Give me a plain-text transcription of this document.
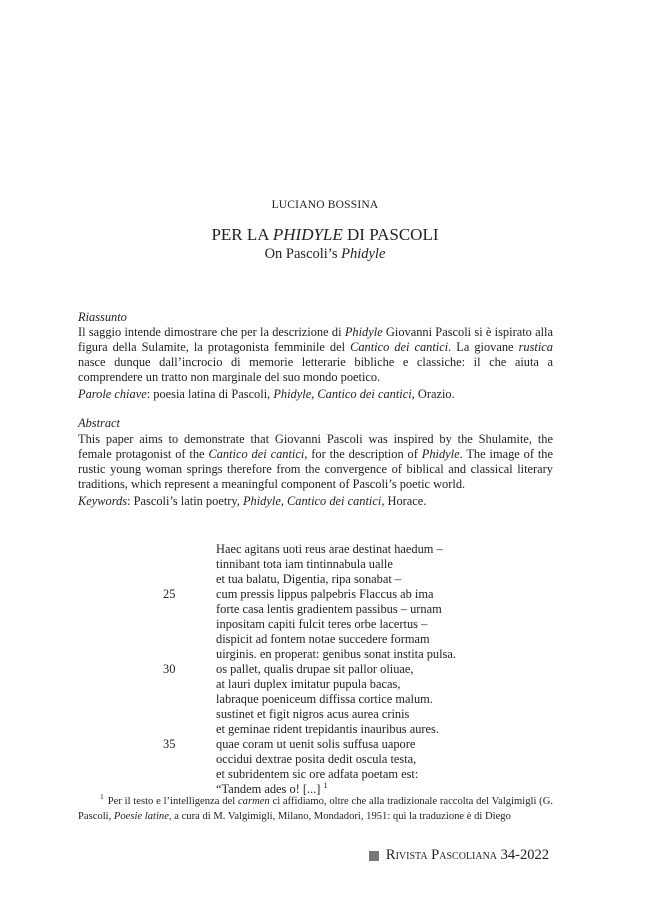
LUCIANO BOSSINA
PER LA PHIDYLE DI PASCOLI
On Pascoli’s Phidyle
Riassunto
Il saggio intende dimostrare che per la descrizione di Phidyle Giovanni Pascoli si è ispirato alla figura della Sulamite, la protagonista femminile del Cantico dei cantici. La giovane rustica nasce dunque dall’incrocio di memorie letterarie bibliche e classiche: il che aiuta a comprendere un tratto non marginale del suo mondo poetico.
Parole chiave: poesia latina di Pascoli, Phidyle, Cantico dei cantici, Orazio.
Abstract
This paper aims to demonstrate that Giovanni Pascoli was inspired by the Shulamite, the female protagonist of the Cantico dei cantici, for the description of Phidyle. The image of the rustic young woman springs therefore from the convergence of biblical and classical literary traditions, which represent a meaningful component of Pascoli’s poetic world.
Keywords: Pascoli’s latin poetry, Phidyle, Cantico dei cantici, Horace.
Haec agitans uoti reus arae destinat haedum –
tinnibant tota iam tintinnabula ualle
et tua balatu, Digentia, ripa sonabat –
cum pressis lippus palpebris Flaccus ab ima
forte casa lentis gradientem passibus – urnam
inpositam capiti fulcit teres orbe lacertus –
dispicit ad fontem notae succedere formam
uirginis. en properat: genibus sonat instita pulsa.
os pallet, qualis drupae sit pallor oliuae,
at lauri duplex imitatur pupula bacas,
labraque poeniceum diffissa cortice malum.
sustinet et figit nigros acus aurea crinis
et geminae rident trepidantis inauribus aures.
quae coram ut uenit solis suffusa uapore
occidui dextrae posita dedit oscula testa,
et subridentem sic ore adfata poetam est:
“Tandem ades o! [...] $^1$
25
30
35
$^1$ Per il testo e l’intelligenza del carmen ci affidiamo, oltre che alla tradizionale raccolta del Valgimigli (G. Pascoli, Poesie latine, a cura di M. Valgimigli, Milano, Mondadori, 1951: qui la traduzione è di Diego
Rivista Pascoliana
34-2022
